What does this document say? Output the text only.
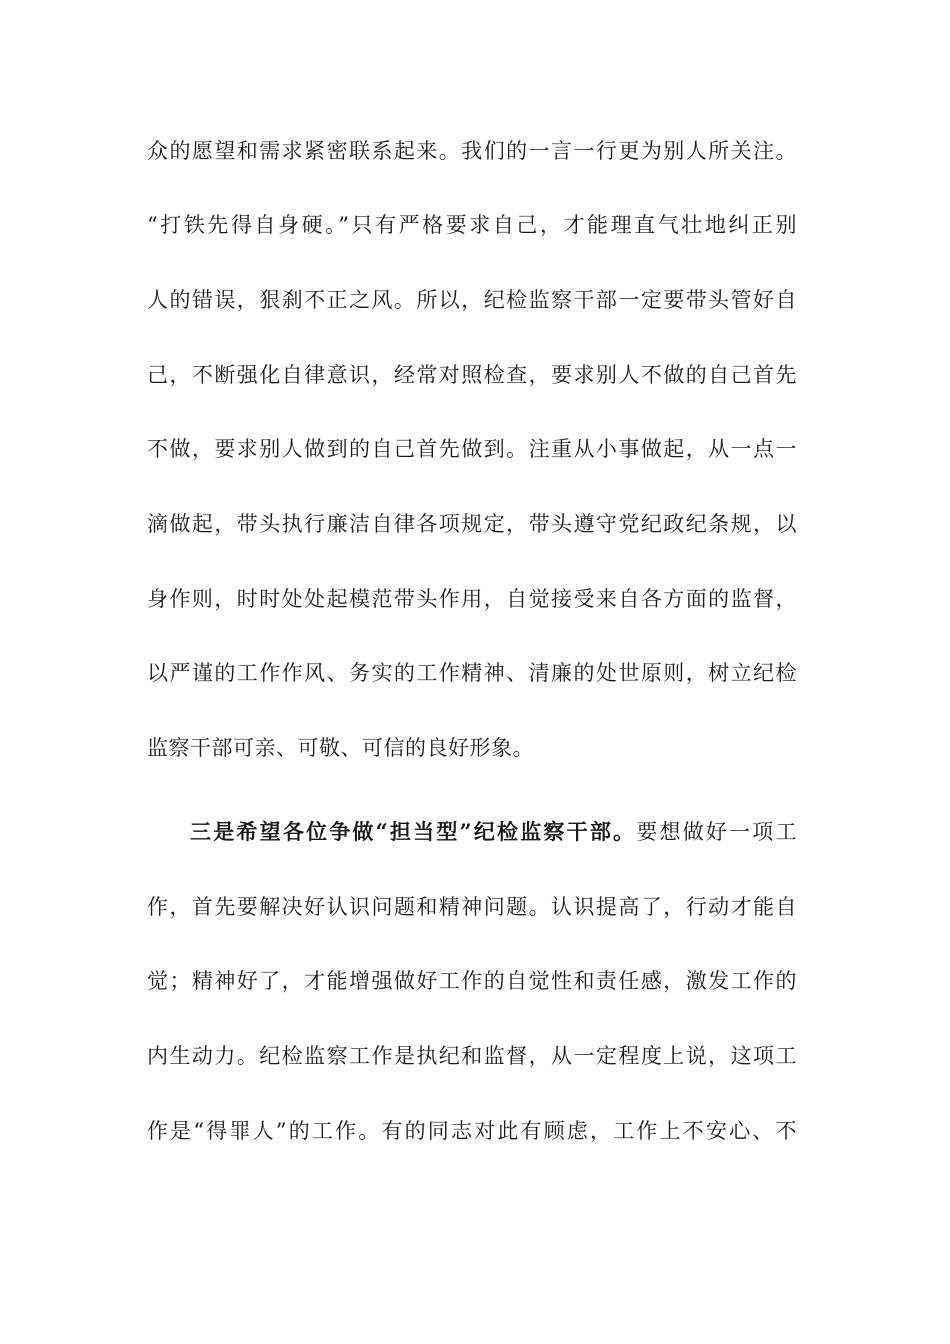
众的愿望和需求紧密联系起来。我们的一言一行更为别人所关注。
“打铁先得自身硬。”只有严格要求自己，才能理直气壮地纠正别
人的错误，狠刹不正之风。所以，纪检监察干部一定要带头管好自
己，不断强化自律意识，经常对照检查，要求别人不做的自己首先
不做，要求别人做到的自己首先做到。注重从小事做起，从一点一
滴做起，带头执行廉洁自律各项规定，带头遵守党纪政纪条规，以
身作则，时时处处起模范带头作用，自觉接受来自各方面的监督，
以严谨的工作作风、务实的工作精神、清廉的处世原则，树立纪检
监察干部可亲、可敬、可信的良好形象。
三是希望各位争做“担当型”纪检监察干部。要想做好一项工
作，首先要解决好认识问题和精神问题。认识提高了，行动才能自
觉；精神好了，才能增强做好工作的自觉性和责任感，激发工作的
内生动力。纪检监察工作是执纪和监督，从一定程度上说，这项工
作是“得罪人”的工作。有的同志对此有顾虑，工作上不安心、不
